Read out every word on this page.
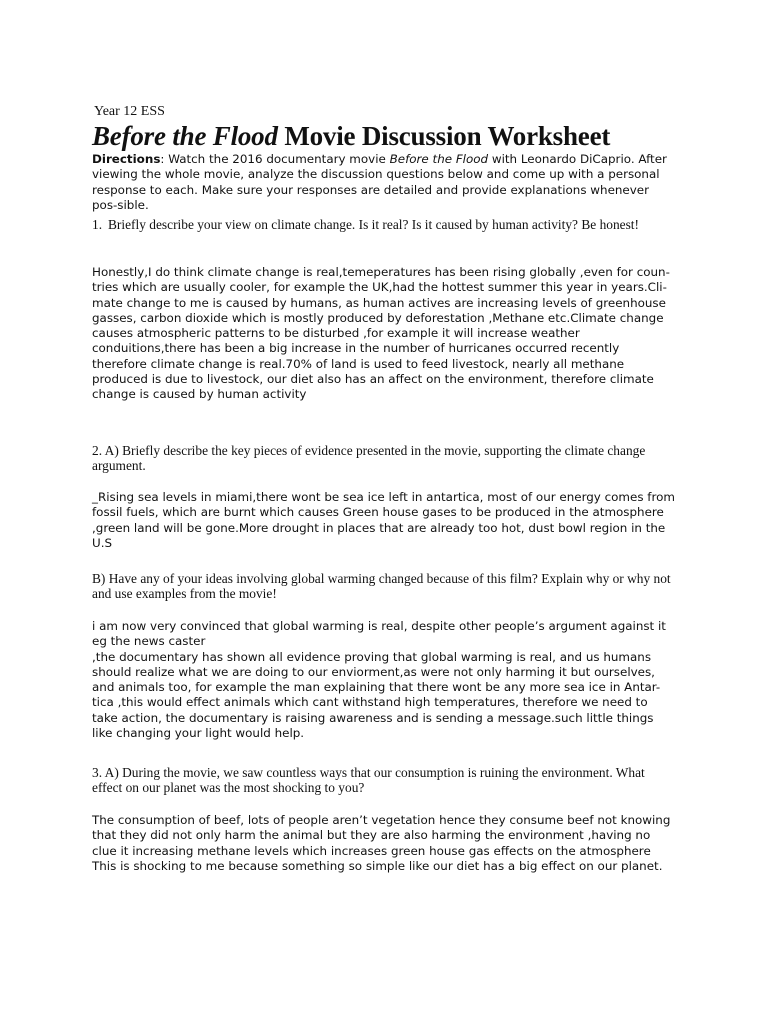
Year 12 ESS
Before the Flood Movie Discussion Worksheet
Directions: Watch the 2016 documentary movie Before the Flood with Leonardo DiCaprio. After viewing the whole movie, analyze the discussion questions below and come up with a personal response to each. Make sure your responses are detailed and provide explanations whenever pos-sible.
1. Briefly describe your view on climate change. Is it real? Is it caused by human activity? Be honest!
Honestly,I do think climate change is real,temeperatures has been rising globally ,even for coun-tries which are usually cooler, for example the UK,had the hottest summer this year in years.Cli-mate change to me is caused by humans, as human actives are increasing levels of greenhouse gasses, carbon dioxide which is mostly produced by deforestation ,Methane etc.Climate change causes atmospheric patterns to be disturbed ,for example it will increase weather conduitions,there has been a big increase in the number of hurricanes occurred recently therefore climate change is real.70% of land is used to feed livestock, nearly all methane produced is due to livestock, our diet also has an affect on the environment, therefore climate change is caused by human activity
2. A) Briefly describe the key pieces of evidence presented in the movie, supporting the climate change argument.
_Rising sea levels in miami,there wont be sea ice left in antartica, most of our energy comes from fossil fuels, which are burnt which causes Green house gases to be produced in the atmosphere ,green land will be gone.More drought in places that are already too hot, dust bowl region in the U.S
B) Have any of your ideas involving global warming changed because of this film? Explain why or why not and use examples from the movie!

i am now very convinced that global warming is real, despite other people’s argument against it eg the news caster

,the documentary has shown all evidence proving that global warming is real, and us humans should realize what we are doing to our enviorment,as were not only harming it but ourselves, and animals too, for example the man explaining that there wont be any more sea ice in Antar-tica ,this would effect animals which cant withstand high temperatures, therefore we need to take action, the documentary is raising awareness and is sending a message.such little things like changing your light would help.

3. A) During the movie, we saw countless ways that our consumption is ruining the environment. What effect on our planet was the most shocking to you?
The consumption of beef, lots of people aren’t vegetation hence they consume beef not knowing that they did not only harm the animal but they are also harming the environment ,having no clue it increasing methane levels which increases green house gas effects on the atmosphere This is shocking to me because something so simple like our diet has a big effect on our planet.
